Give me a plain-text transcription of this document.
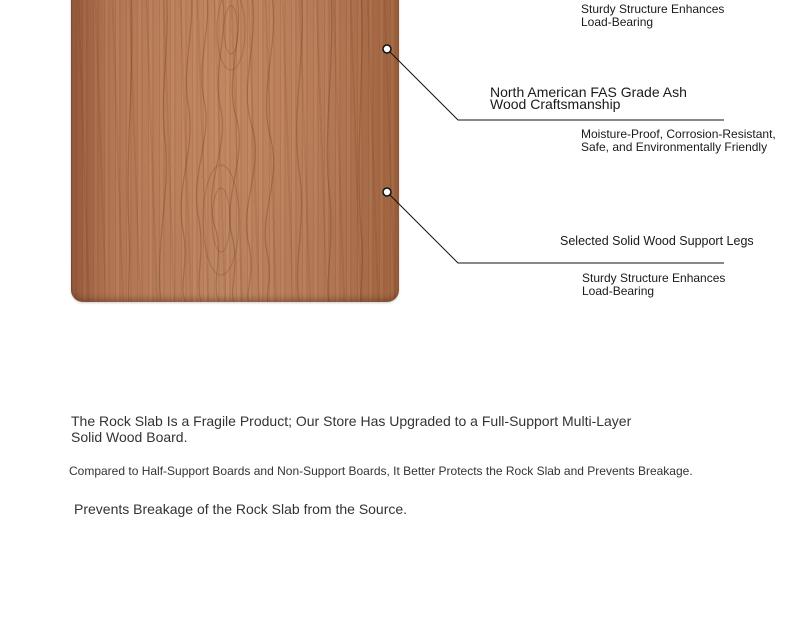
Sturdy Structure Enhances Load-Bearing

North American FAS Grade Ash Wood Craftsmanship

Moisture-Proof, Corrosion-Resistant, Safe, and Environmentally Friendly

Selected Solid Wood Support Legs

Sturdy Structure Enhances Load-Bearing

The Rock Slab Is a Fragile Product; Our Store Has Upgraded to a Full-Support Multi-Layer Solid Wood Board.

Compared to Half-Support Boards and Non-Support Boards, It Better Protects the Rock Slab and Prevents Breakage.

Prevents Breakage of the Rock Slab from the Source.
